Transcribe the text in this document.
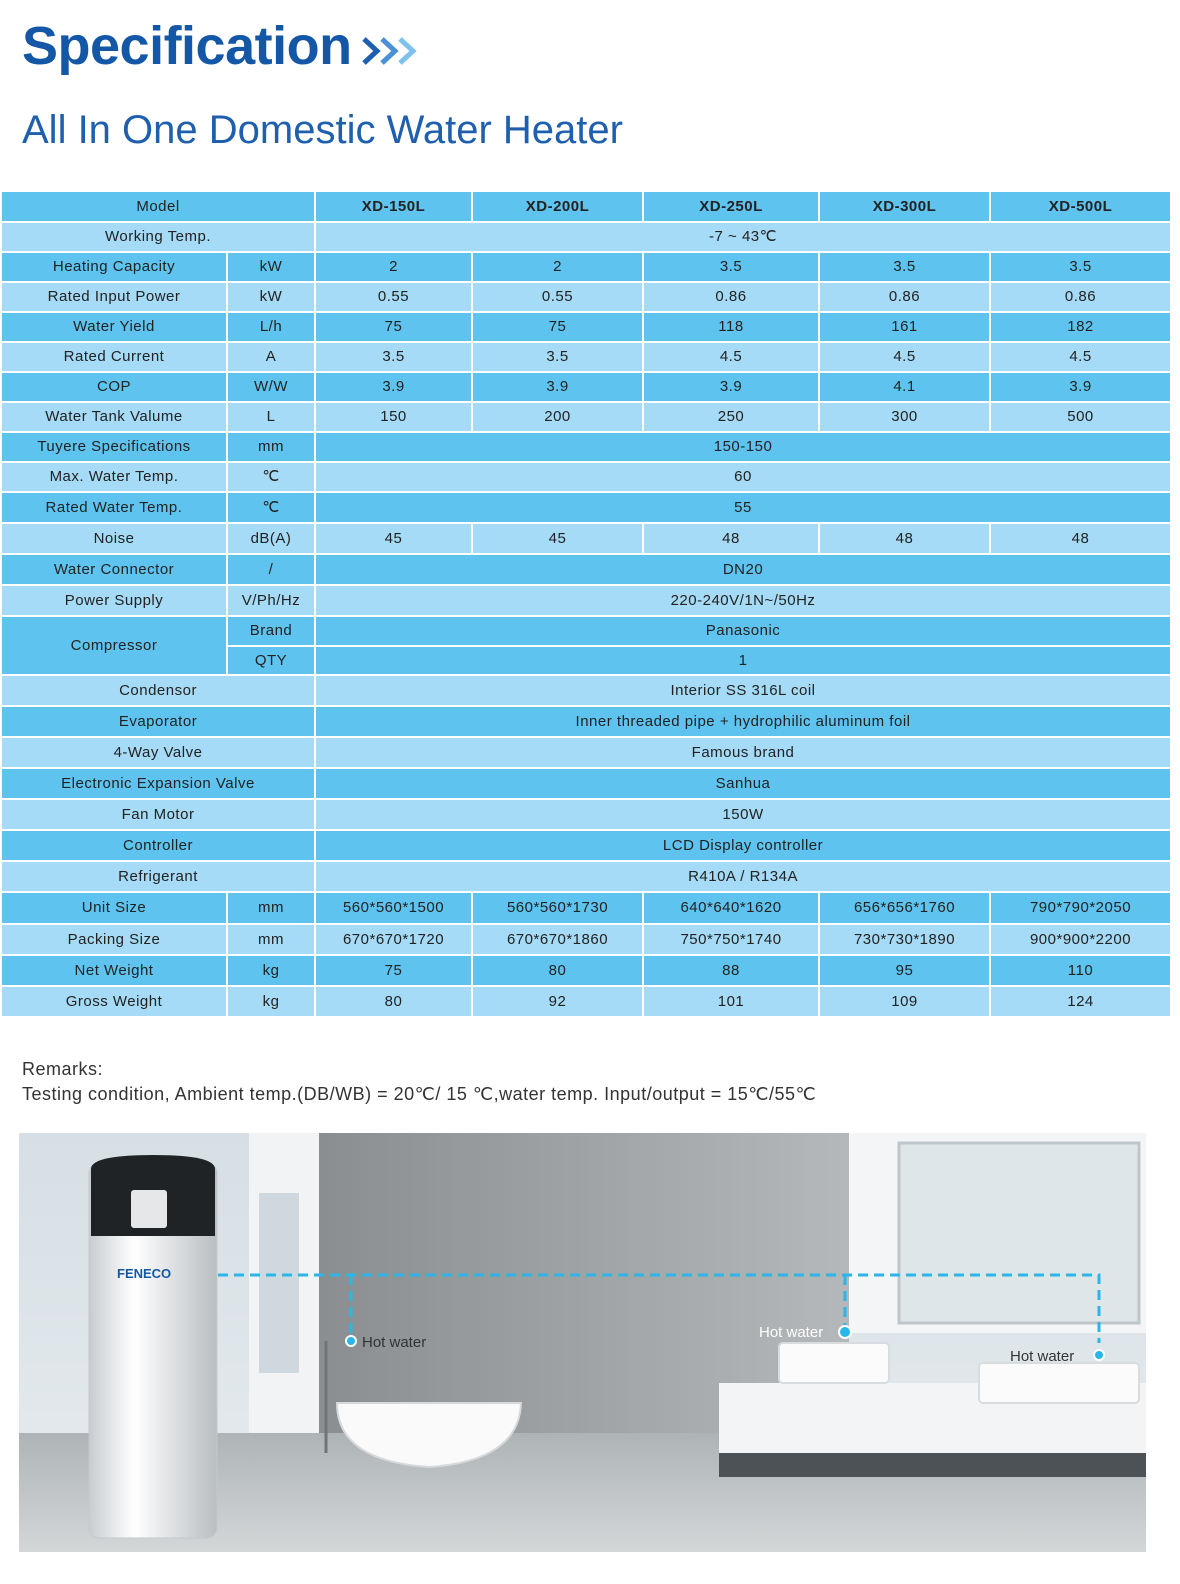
Specification
All In One Domestic Water Heater
Model		XD-150L	XD-200L	XD-250L	XD-300L	XD-500L
Working Temp.		-7 ~ 43℃				
Heating Capacity	kW	2	2	3.5	3.5	3.5
Rated Input Power	kW	0.55	0.55	0.86	0.86	0.86
Water Yield	L/h	75	75	118	161	182
Rated Current	A	3.5	3.5	4.5	4.5	4.5
COP	W/W	3.9	3.9	3.9	4.1	3.9
Water Tank Valume	L	150	200	250	300	500
Tuyere Specifications	mm	150-150				
Max. Water Temp.	℃	60				
Rated Water Temp.	℃	55				
Noise	dB(A)	45	45	48	48	48
Water Connector	/	DN20				
Power Supply	V/Ph/Hz	220-240V/1N~/50Hz				
Compressor	Brand	Panasonic				
	QTY	1				
Condensor		Interior SS 316L coil				
Evaporator		Inner threaded pipe + hydrophilic aluminum foil				
4-Way Valve		Famous brand				
Electronic Expansion Valve		Sanhua				
Fan Motor		150W				
Controller		LCD Display controller				
Refrigerant		R410A / R134A				
Unit Size	mm	560*560*1500	560*560*1730	640*640*1620	656*656*1760	790*790*2050
Packing Size	mm	670*670*1720	670*670*1860	750*750*1740	730*730*1890	900*900*2200
Net Weight	kg	75	80	88	95	110
Gross Weight	kg	80	92	101	109	124
Remarks:
Testing condition, Ambient temp.(DB/WB) = 20℃/ 15 ℃,water temp. Input/output = 15℃/55℃
FENECO
Hot water
Hot water
Hot water
